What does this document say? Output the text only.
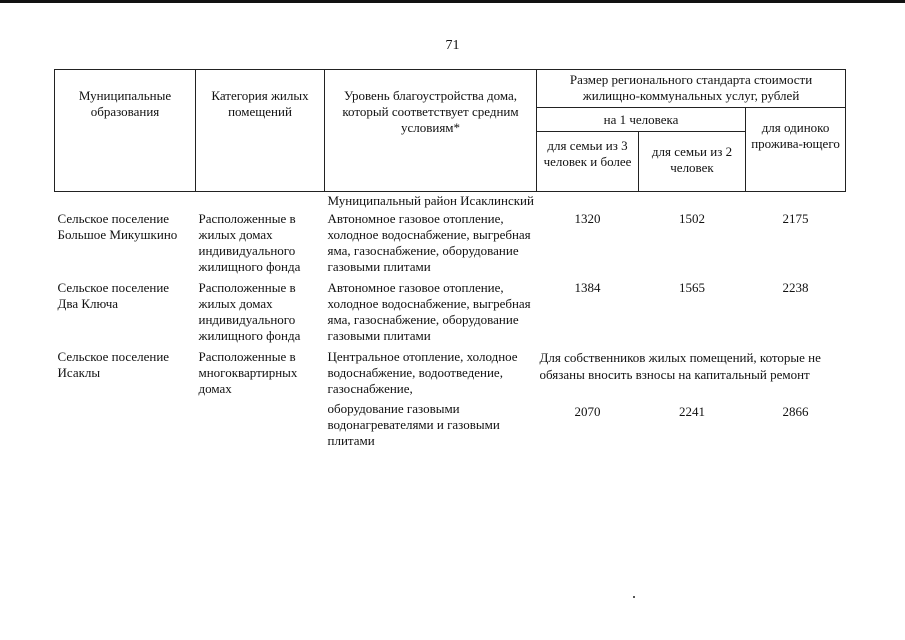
71
Муниципальные образования	Категория жилых помещений	Уровень благоустройства дома, который соответствует средним условиям*	Размер регионального стандарта стоимости жилищно-коммунальных услуг, рублей		
			на 1 человека		для одиноко прожива-ющего
			для семьи из 3 человек и более	для семьи из 2 человек	
		Муниципальный район Исаклинский			
Сельское поселение Большое Микушкино	Расположенные в жилых домах индивидуального жилищного фонда	Автономное газовое отопление, холодное водоснабжение, выгребная яма, газоснабжение, оборудование газовыми плитами	1320	1502	2175
Сельское поселение Два Ключа	Расположенные в жилых домах индивидуального жилищного фонда	Автономное газовое отопление, холодное водоснабжение, выгребная яма, газоснабжение, оборудование газовыми плитами	1384	1565	2238
Сельское поселение Исаклы	Расположенные в многоквартирных домах	Центральное отопление, холодное водоснабжение, водоотведение, газоснабжение,	Для собственников жилых помещений, которые не обязаны вносить взносы на капитальный ремонт		
		оборудование газовыми водонагревателями и газовыми плитами	2070	2241	2866
